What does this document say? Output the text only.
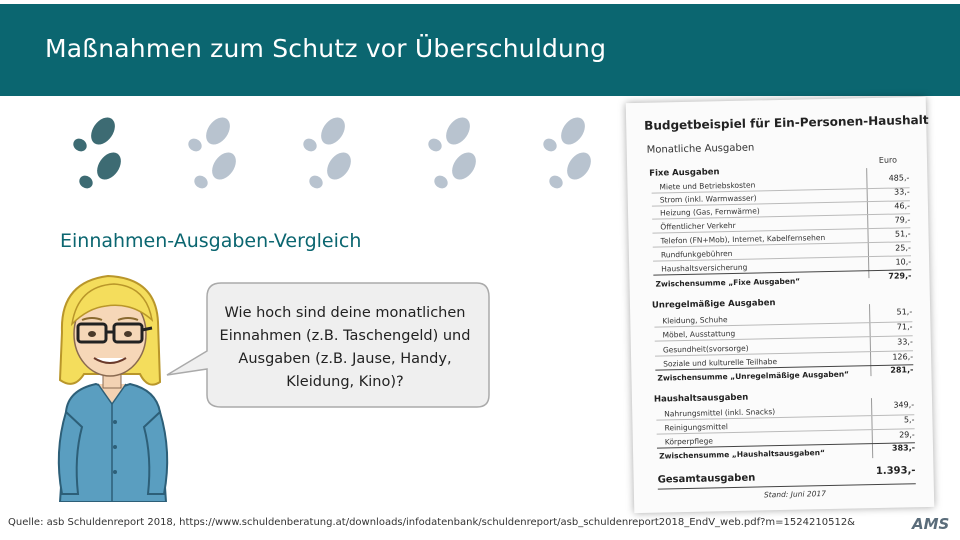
Maßnahmen zum Schutz vor Überschuldung

Einnahmen-Ausgaben-Vergleich

Wie hoch sind deine monatlichen Einnahmen (z.B. Taschengeld) und Ausgaben (z.B. Jause, Handy, Kleidung, Kino)?

Budgetbeispiel für Ein-Personen-Haushalt
Monatliche Ausgaben
Euro
Fixe Ausgaben
Miete und Betriebskosten
485,-
Strom (inkl. Warmwasser)
33,-
Heizung (Gas, Fernwärme)
46,-
Öffentlicher Verkehr
79,-
Telefon (FN+Mob), Internet, Kabelfernsehen	51,-
Rundfunkgebühren
25,-
Haushaltsversicherung
10,-
Zwischensumme „Fixe Ausgaben“
729,-
Unregelmäßige Ausgaben
Kleidung, Schuhe
51,-
Möbel, Ausstattung
71,-
Gesundheit(svorsorge)
33,-
Soziale und kulturelle Teilhabe
126,-
Zwischensumme „Unregelmäßige Ausgaben“	281,-
Haushaltsausgaben
Nahrungsmittel (inkl. Snacks)
349,-
Reinigungsmittel
5,-
Körperpflege
29,-
Zwischensumme „Haushaltsausgaben“
383,-
Gesamtausgaben
1.393,-
Stand: Juni 2017

Quelle: asb Schuldenreport 2018, https://www.schuldenberatung.at/downloads/infodatenbank/schuldenreport/asb_schuldenreport2018_EndV_web.pdf?m=1524210512&	AMS
